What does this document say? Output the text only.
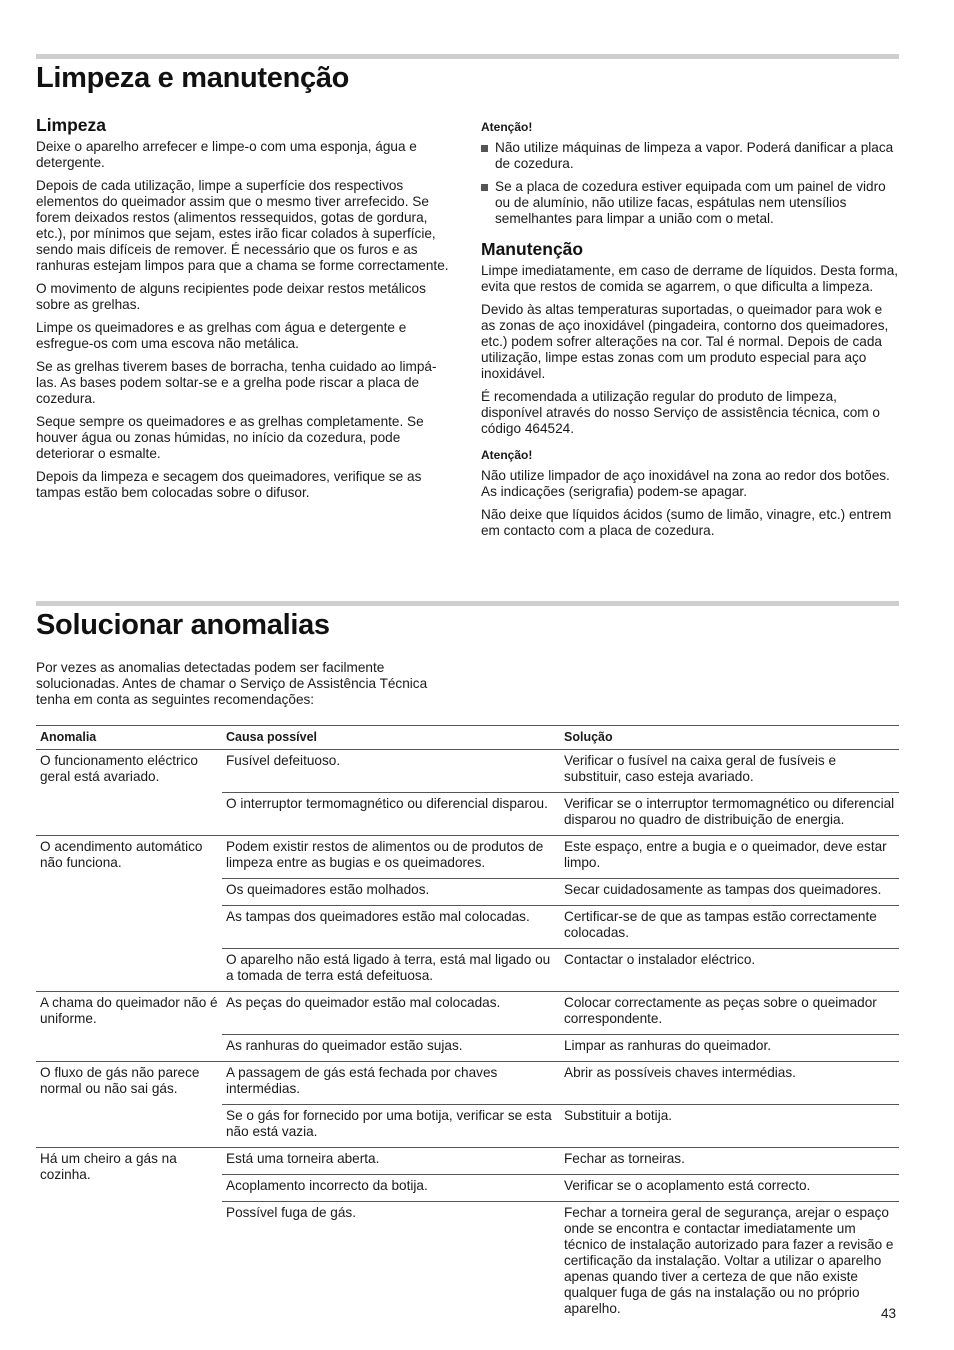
Limpeza e manutenção
Limpeza

Deixe o aparelho arrefecer e limpe-o com uma esponja, água e detergente.

Depois de cada utilização, limpe a superfície dos respectivos elementos do queimador assim que o mesmo tiver arrefecido. Se forem deixados restos (alimentos ressequidos, gotas de gordura, etc.), por mínimos que sejam, estes irão ficar colados à superfície, sendo mais difíceis de remover. É necessário que os furos e as ranhuras estejam limpos para que a chama se forme correctamente.

O movimento de alguns recipientes pode deixar restos metálicos sobre as grelhas.

Limpe os queimadores e as grelhas com água e detergente e esfregue-os com uma escova não metálica.

Se as grelhas tiverem bases de borracha, tenha cuidado ao limpá-las. As bases podem soltar-se e a grelha pode riscar a placa de cozedura.

Seque sempre os queimadores e as grelhas completamente. Se houver água ou zonas húmidas, no início da cozedura, pode deteriorar o esmalte.

Depois da limpeza e secagem dos queimadores, verifique se as tampas estão bem colocadas sobre o difusor.

Atenção!
Não utilize máquinas de limpeza a vapor. Poderá danificar a placa de cozedura.
Se a placa de cozedura estiver equipada com um painel de vidro ou de alumínio, não utilize facas, espátulas nem utensílios semelhantes para limpar a união com o metal.
Manutenção

Limpe imediatamente, em caso de derrame de líquidos. Desta forma, evita que restos de comida se agarrem, o que dificulta a limpeza.

Devido às altas temperaturas suportadas, o queimador para wok e as zonas de aço inoxidável (pingadeira, contorno dos queimadores, etc.) podem sofrer alterações na cor. Tal é normal. Depois de cada utilização, limpe estas zonas com um produto especial para aço inoxidável.

É recomendada a utilização regular do produto de limpeza, disponível através do nosso Serviço de assistência técnica, com o código 464524.

Atenção!

Não utilize limpador de aço inoxidável na zona ao redor dos botões. As indicações (serigrafia) podem-se apagar.

Não deixe que líquidos ácidos (sumo de limão, vinagre, etc.) entrem em contacto com a placa de cozedura.

Solucionar anomalias
Por vezes as anomalias detectadas podem ser facilmente solucionadas. Antes de chamar o Serviço de Assistência Técnica tenha em conta as seguintes recomendações:
Anomalia	Causa possível	Solução
O funcionamento eléctrico geral está avariado.	Fusível defeituoso.	Verificar o fusível na caixa geral de fusíveis e substituir, caso esteja avariado.
	O interruptor termomagnético ou diferencial disparou.	Verificar se o interruptor termomagnético ou diferencial disparou no quadro de distribuição de energia.
O acendimento automático não funciona.	Podem existir restos de alimentos ou de produtos de limpeza entre as bugias e os queimadores.	Este espaço, entre a bugia e o queimador, deve estar limpo.
	Os queimadores estão molhados.	Secar cuidadosamente as tampas dos queimadores.
	As tampas dos queimadores estão mal colocadas.	Certificar-se de que as tampas estão correctamente colocadas.
	O aparelho não está ligado à terra, está mal ligado ou a tomada de terra está defeituosa.	Contactar o instalador eléctrico.
A chama do queimador não é uniforme.	As peças do queimador estão mal colocadas.	Colocar correctamente as peças sobre o queimador correspondente.
	As ranhuras do queimador estão sujas.	Limpar as ranhuras do queimador.
O fluxo de gás não parece normal ou não sai gás.	A passagem de gás está fechada por chaves intermédias.	Abrir as possíveis chaves intermédias.
	Se o gás for fornecido por uma botija, verificar se esta não está vazia.	Substituir a botija.
Há um cheiro a gás na cozinha.	Está uma torneira aberta.	Fechar as torneiras.
	Acoplamento incorrecto da botija.	Verificar se o acoplamento está correcto.
	Possível fuga de gás.	Fechar a torneira geral de segurança, arejar o espaço onde se encontra e contactar imediatamente um técnico de instalação autorizado para fazer a revisão e certificação da instalação. Voltar a utilizar o aparelho apenas quando tiver a certeza de que não existe qualquer fuga de gás na instalação ou no próprio aparelho.	43
